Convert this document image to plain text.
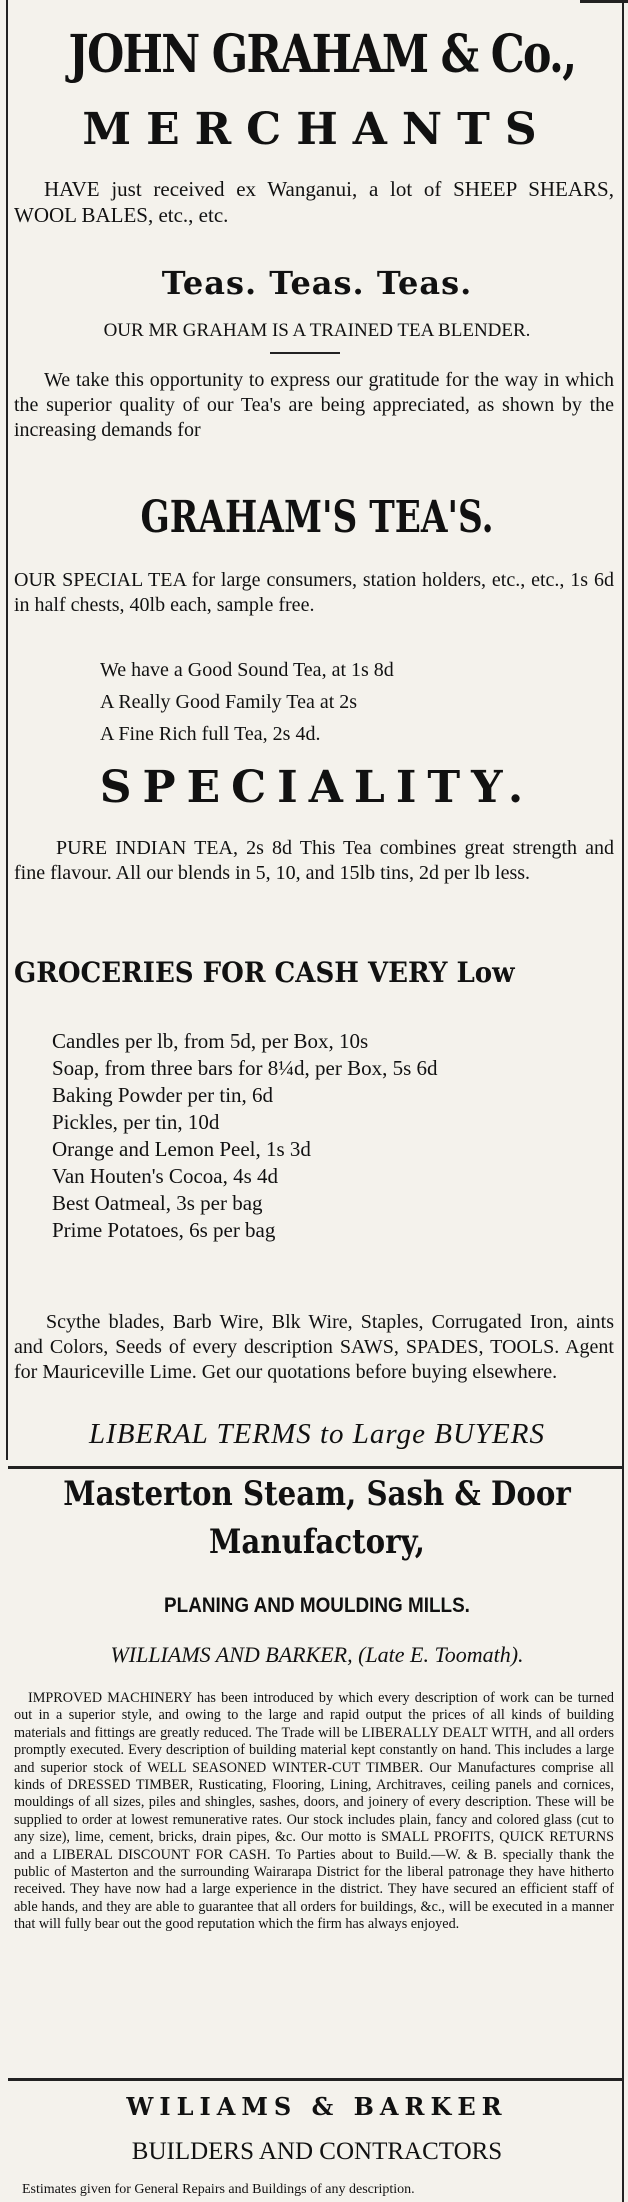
JOHN GRAHAM & Co.,
MERCHANTS
HAVE just received ex Wanganui, a lot of SHEEP SHEARS, WOOL BALES, etc., etc.
Teas. Teas. Teas.
OUR MR GRAHAM IS A TRAINED TEA BLENDER.
We take this opportunity to express our gratitude for the way in which the superior quality of our Tea's are being appreciated, as shown by the increasing demands for
GRAHAM'S TEA'S.
OUR SPECIAL TEA for large consumers, station holders, etc., etc., 1s 6d in half chests, 40lb each, sample free.
We have a Good Sound Tea, at 1s 8d
A Really Good Family Tea at 2s
A Fine Rich full Tea, 2s 4d.
SPECIALITY.
PURE INDIAN TEA, 2s 8d This Tea combines great strength and fine flavour. All our blends in 5, 10, and 15lb tins, 2d per lb less.
GROCERIES FOR CASH VERY Low
Candles per lb, from 5d, per Box, 10s
Soap, from three bars for 8¼d, per Box, 5s 6d
Baking Powder per tin, 6d
Pickles, per tin, 10d
Orange and Lemon Peel, 1s 3d
Van Houten's Cocoa, 4s 4d
Best Oatmeal, 3s per bag
Prime Potatoes, 6s per bag
Scythe blades, Barb Wire, Blk Wire, Staples, Corrugated Iron, aints and Colors, Seeds of every description SAWS, SPADES, TOOLS. Agent for Mauriceville Lime. Get our quotations before buying elsewhere.
LIBERAL TERMS to Large BUYERS
Masterton Steam, Sash & Door
Manufactory,
PLANING AND MOULDING MILLS.
WILLIAMS AND BARKER, (Late E. Toomath).
IMPROVED MACHINERY has been introduced by which every description of work can be turned out in a superior style, and owing to the large and rapid output the prices of all kinds of building materials and fittings are greatly reduced. The Trade will be LIBERALLY DEALT WITH, and all orders promptly executed. Every description of building material kept constantly on hand. This includes a large and superior stock of WELL SEASONED WINTER-CUT TIMBER. Our Manufactures comprise all kinds of DRESSED TIMBER, Rusticating, Flooring, Lining, Architraves, ceiling panels and cornices, mouldings of all sizes, piles and shingles, sashes, doors, and joinery of every description. These will be supplied to order at lowest remunerative rates. Our stock includes plain, fancy and colored glass (cut to any size), lime, cement, bricks, drain pipes, &c. Our motto is SMALL PROFITS, QUICK RETURNS and a LIBERAL DISCOUNT FOR CASH. To Parties about to Build.—W. & B. specially thank the public of Masterton and the surrounding Wairarapa District for the liberal patronage they have hitherto received. They have now had a large experience in the district. They have secured an efficient staff of able hands, and they are able to guarantee that all orders for buildings, &c., will be executed in a manner that will fully bear out the good reputation which the firm has always enjoyed.
WILIAMS & BARKER
BUILDERS AND CONTRACTORS
Estimates given for General Repairs and Buildings of any description.
